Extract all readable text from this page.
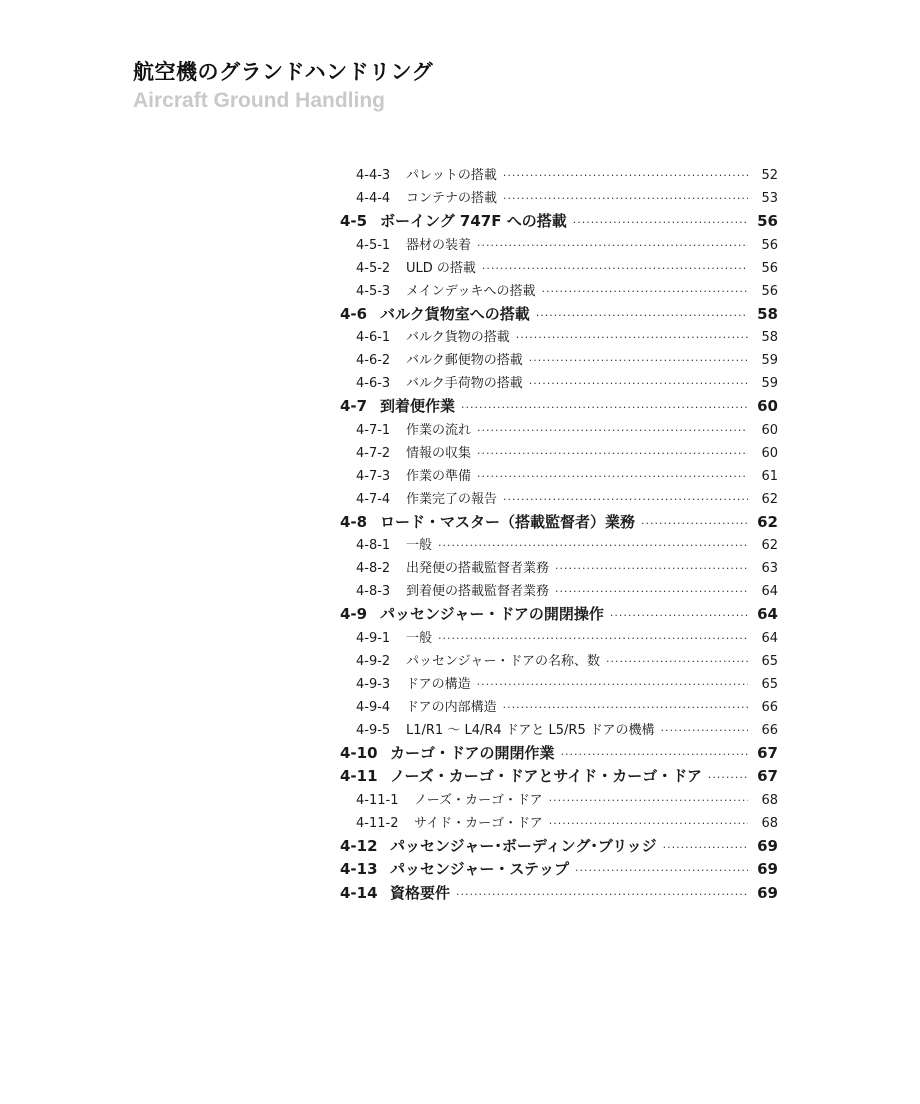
航空機のグランドハンドリング
Aircraft Ground Handling
4-4-3	パレットの搭載 ·····	52
4-4-4	コンテナの搭載 ·····	53
4-5 ボーイング 747F への搭載 ·····	56
4-5-1	器材の装着 ·····	56
4-5-2	ULD の搭載 ·····	56
4-5-3	メインデッキへの搭載 ·····	56
4-6 バルク貨物室への搭載 ·····	58
4-6-1	バルク貨物の搭載 ·····	58
4-6-2	バルク郵便物の搭載 ·····	59
4-6-3	バルク手荷物の搭載 ·····	59
4-7 到着便作業 ·····	60
4-7-1	作業の流れ ·····	60
4-7-2	情報の収集 ·····	60
4-7-3	作業の準備 ·····	61
4-7-4	作業完了の報告 ·····	62
4-8 ロード・マスター（搭載監督者）業務 ·····	62
4-8-1	一般 ·····	62
4-8-2	出発便の搭載監督者業務 ·····	63
4-8-3	到着便の搭載監督者業務 ·····	64
4-9 パッセンジャー・ドアの開閉操作 ·····	64
4-9-1	一般 ·····	64
4-9-2	パッセンジャー・ドアの名称、数 ·····	65
4-9-3	ドアの構造 ·····	65
4-9-4	ドアの内部構造 ·····	66
4-9-5	L1/R1 ～ L4/R4 ドアと L5/R5 ドアの機構 ·····	66
4-10 カーゴ・ドアの開閉作業 ·····	67
4-11 ノーズ・カーゴ・ドアとサイド・カーゴ・ドア ·····	67
4-11-1	ノーズ・カーゴ・ドア ·····	68
4-11-2	サイド・カーゴ・ドア ·····	68
4-12 パッセンジャー･ボーディング･ブリッジ ·····	69
4-13 パッセンジャー・ステップ ·····	69
4-14 資格要件 ·····	69
